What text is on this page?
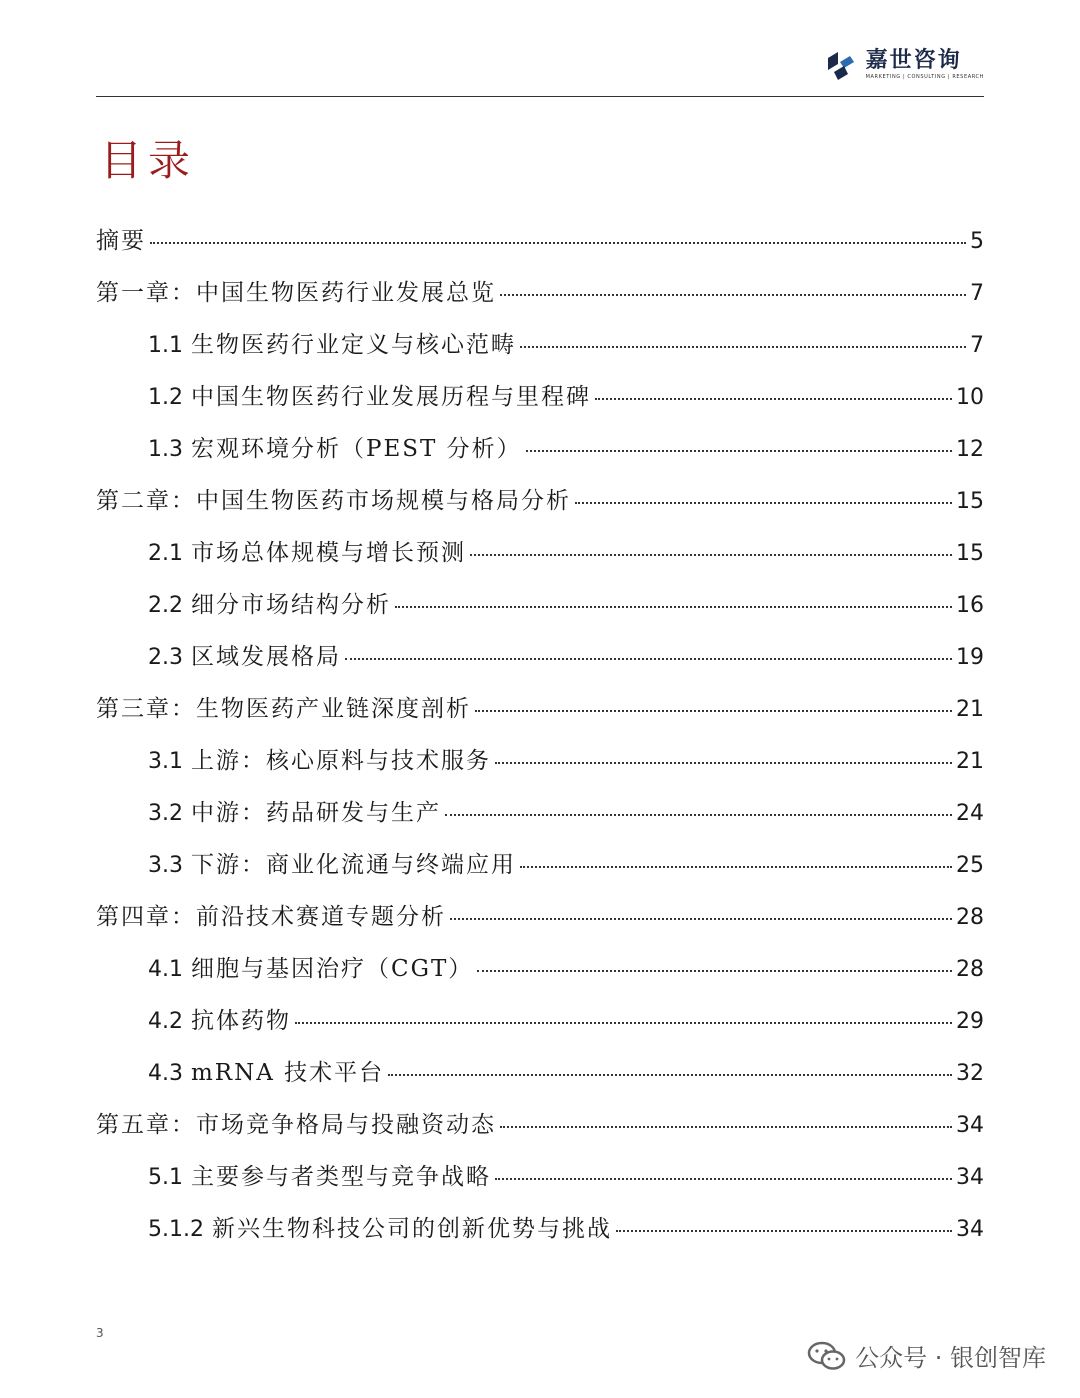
嘉世咨询
MARKETING | CONSULTING | RESEARCH
目录
摘要	5
第一章：中国生物医药行业发展总览	7
1.1 生物医药行业定义与核心范畴	7
1.2 中国生物医药行业发展历程与里程碑	10
1.3 宏观环境分析（PEST 分析）	12
第二章：中国生物医药市场规模与格局分析	15
2.1 市场总体规模与增长预测	15
2.2 细分市场结构分析	16
2.3 区域发展格局	19
第三章：生物医药产业链深度剖析	21
3.1 上游：核心原料与技术服务	21
3.2 中游：药品研发与生产	24
3.3 下游：商业化流通与终端应用	25
第四章：前沿技术赛道专题分析	28
4.1 细胞与基因治疗（CGT）	28
4.2 抗体药物	29
4.3 mRNA 技术平台	32
第五章：市场竞争格局与投融资动态	34
5.1 主要参与者类型与竞争战略	34
5.1.2 新兴生物科技公司的创新优势与挑战	34
3
公众号 · 银创智库
